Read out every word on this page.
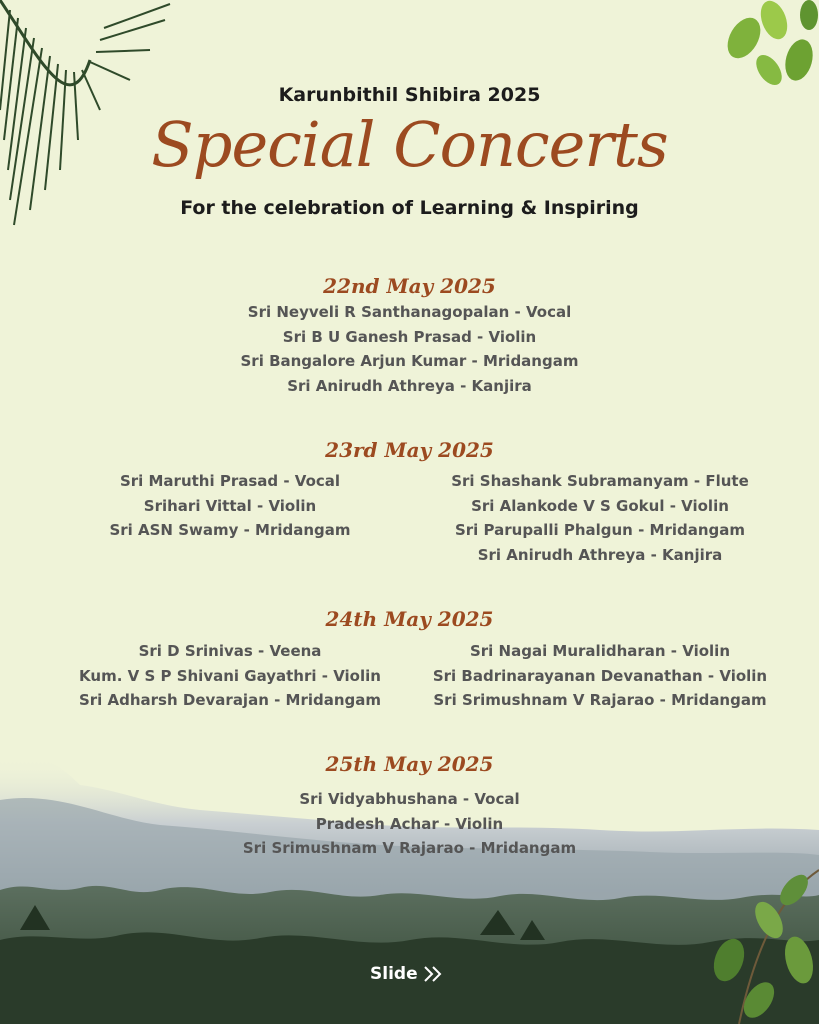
Karunbithil Shibira 2025
Special Concerts
For the celebration of Learning & Inspiring
22nd May 2025
Sri Neyveli R Santhanagopalan - Vocal
Sri B U Ganesh Prasad - Violin
Sri Bangalore Arjun Kumar - Mridangam
Sri Anirudh Athreya - Kanjira
23rd May 2025
Sri Maruthi Prasad - Vocal
Srihari Vittal - Violin
Sri ASN Swamy - Mridangam
Sri Shashank Subramanyam - Flute
Sri Alankode V S Gokul - Violin
Sri Parupalli Phalgun - Mridangam
Sri Anirudh Athreya - Kanjira
24th May 2025
Sri D Srinivas - Veena
Kum. V S P Shivani Gayathri - Violin
Sri Adharsh Devarajan - Mridangam
Sri Nagai Muralidharan - Violin
Sri Badrinarayanan Devanathan - Violin
Sri Srimushnam V Rajarao - Mridangam
25th May 2025
Sri Vidyabhushana - Vocal
Pradesh Achar - Violin
Sri Srimushnam V Rajarao - Mridangam
Slide
